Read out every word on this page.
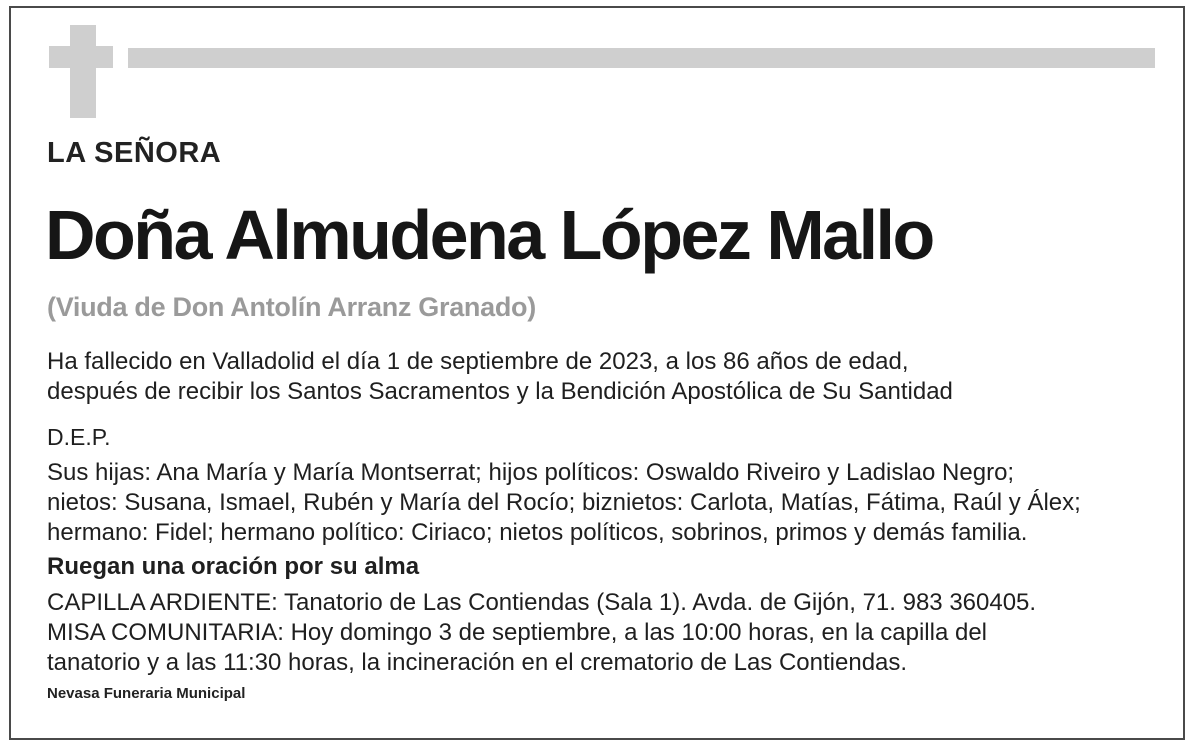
LA SEÑORA
Doña Almudena López Mallo
(Viuda de Don Antolín Arranz Granado)
Ha fallecido en Valladolid el día 1 de septiembre de 2023, a los 86 años de edad,
después de recibir los Santos Sacramentos y la Bendición Apostólica de Su Santidad
D.E.P.
Sus hijas: Ana María y María Montserrat; hijos políticos: Oswaldo Riveiro y Ladislao Negro;
nietos: Susana, Ismael, Rubén y María del Rocío; biznietos: Carlota, Matías, Fátima, Raúl y Álex;
hermano: Fidel; hermano político: Ciriaco; nietos políticos, sobrinos, primos y demás familia.
Ruegan una oración por su alma
CAPILLA ARDIENTE: Tanatorio de Las Contiendas (Sala 1). Avda. de Gijón, 71. 983 360405.
MISA COMUNITARIA: Hoy domingo 3 de septiembre, a las 10:00 horas, en la capilla del
tanatorio y a las 11:30 horas, la incineración en el crematorio de Las Contiendas.
Nevasa Funeraria Municipal
